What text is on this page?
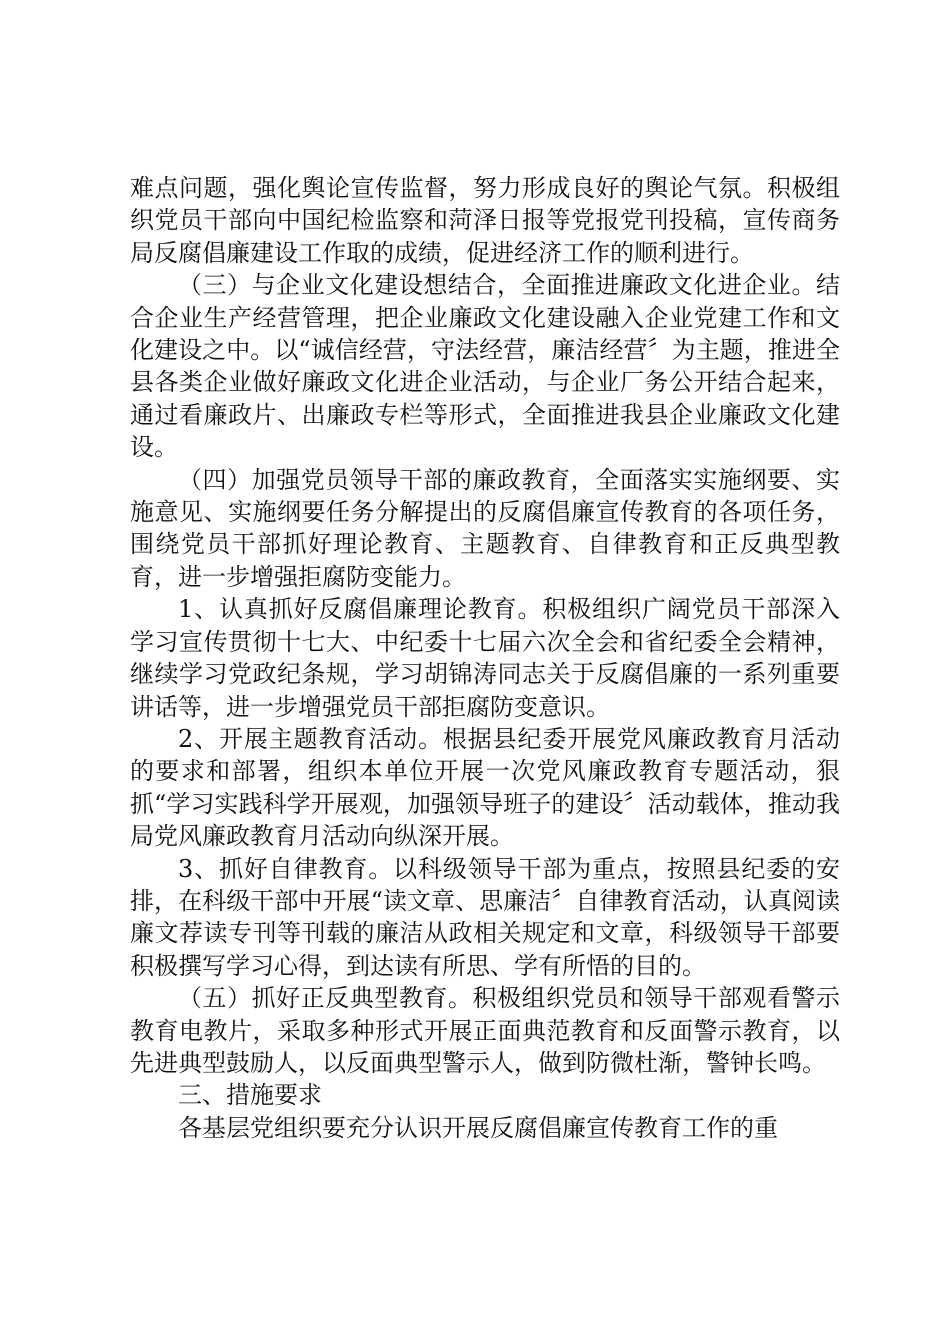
难点问题，强化舆论宣传监督，努力形成良好的舆论气氛。积极组织党员干部向中国纪检监察和菏泽日报等党报党刊投稿，宣传商务局反腐倡廉建设工作取的成绩，促进经济工作的顺利进行。

（三）与企业文化建设想结合，全面推进廉政文化进企业。结合企业生产经营管理，把企业廉政文化建设融入企业党建工作和文化建设之中。以“诚信经营，守法经营，廉洁经营〞为主题，推进全县各类企业做好廉政文化进企业活动，与企业厂务公开结合起来，通过看廉政片、出廉政专栏等形式，全面推进我县企业廉政文化建设。

（四）加强党员领导干部的廉政教育，全面落实实施纲要、实施意见、实施纲要任务分解提出的反腐倡廉宣传教育的各项任务，围绕党员干部抓好理论教育、主题教育、自律教育和正反典型教育，进一步增强拒腐防变能力。

1、认真抓好反腐倡廉理论教育。积极组织广阔党员干部深入学习宣传贯彻十七大、中纪委十七届六次全会和省纪委全会精神，继续学习党政纪条规，学习胡锦涛同志关于反腐倡廉的一系列重要讲话等，进一步增强党员干部拒腐防变意识。

2、开展主题教育活动。根据县纪委开展党风廉政教育月活动的要求和部署，组织本单位开展一次党风廉政教育专题活动，狠抓“学习实践科学开展观，加强领导班子的建设〞活动载体，推动我局党风廉政教育月活动向纵深开展。

3、抓好自律教育。以科级领导干部为重点，按照县纪委的安排，在科级干部中开展“读文章、思廉洁〞自律教育活动，认真阅读廉文荐读专刊等刊载的廉洁从政相关规定和文章，科级领导干部要积极撰写学习心得，到达读有所思、学有所悟的目的。

（五）抓好正反典型教育。积极组织党员和领导干部观看警示教育电教片，采取多种形式开展正面典范教育和反面警示教育，以先进典型鼓励人，以反面典型警示人，做到防微杜渐，警钟长鸣。

三、措施要求

各基层党组织要充分认识开展反腐倡廉宣传教育工作的重
